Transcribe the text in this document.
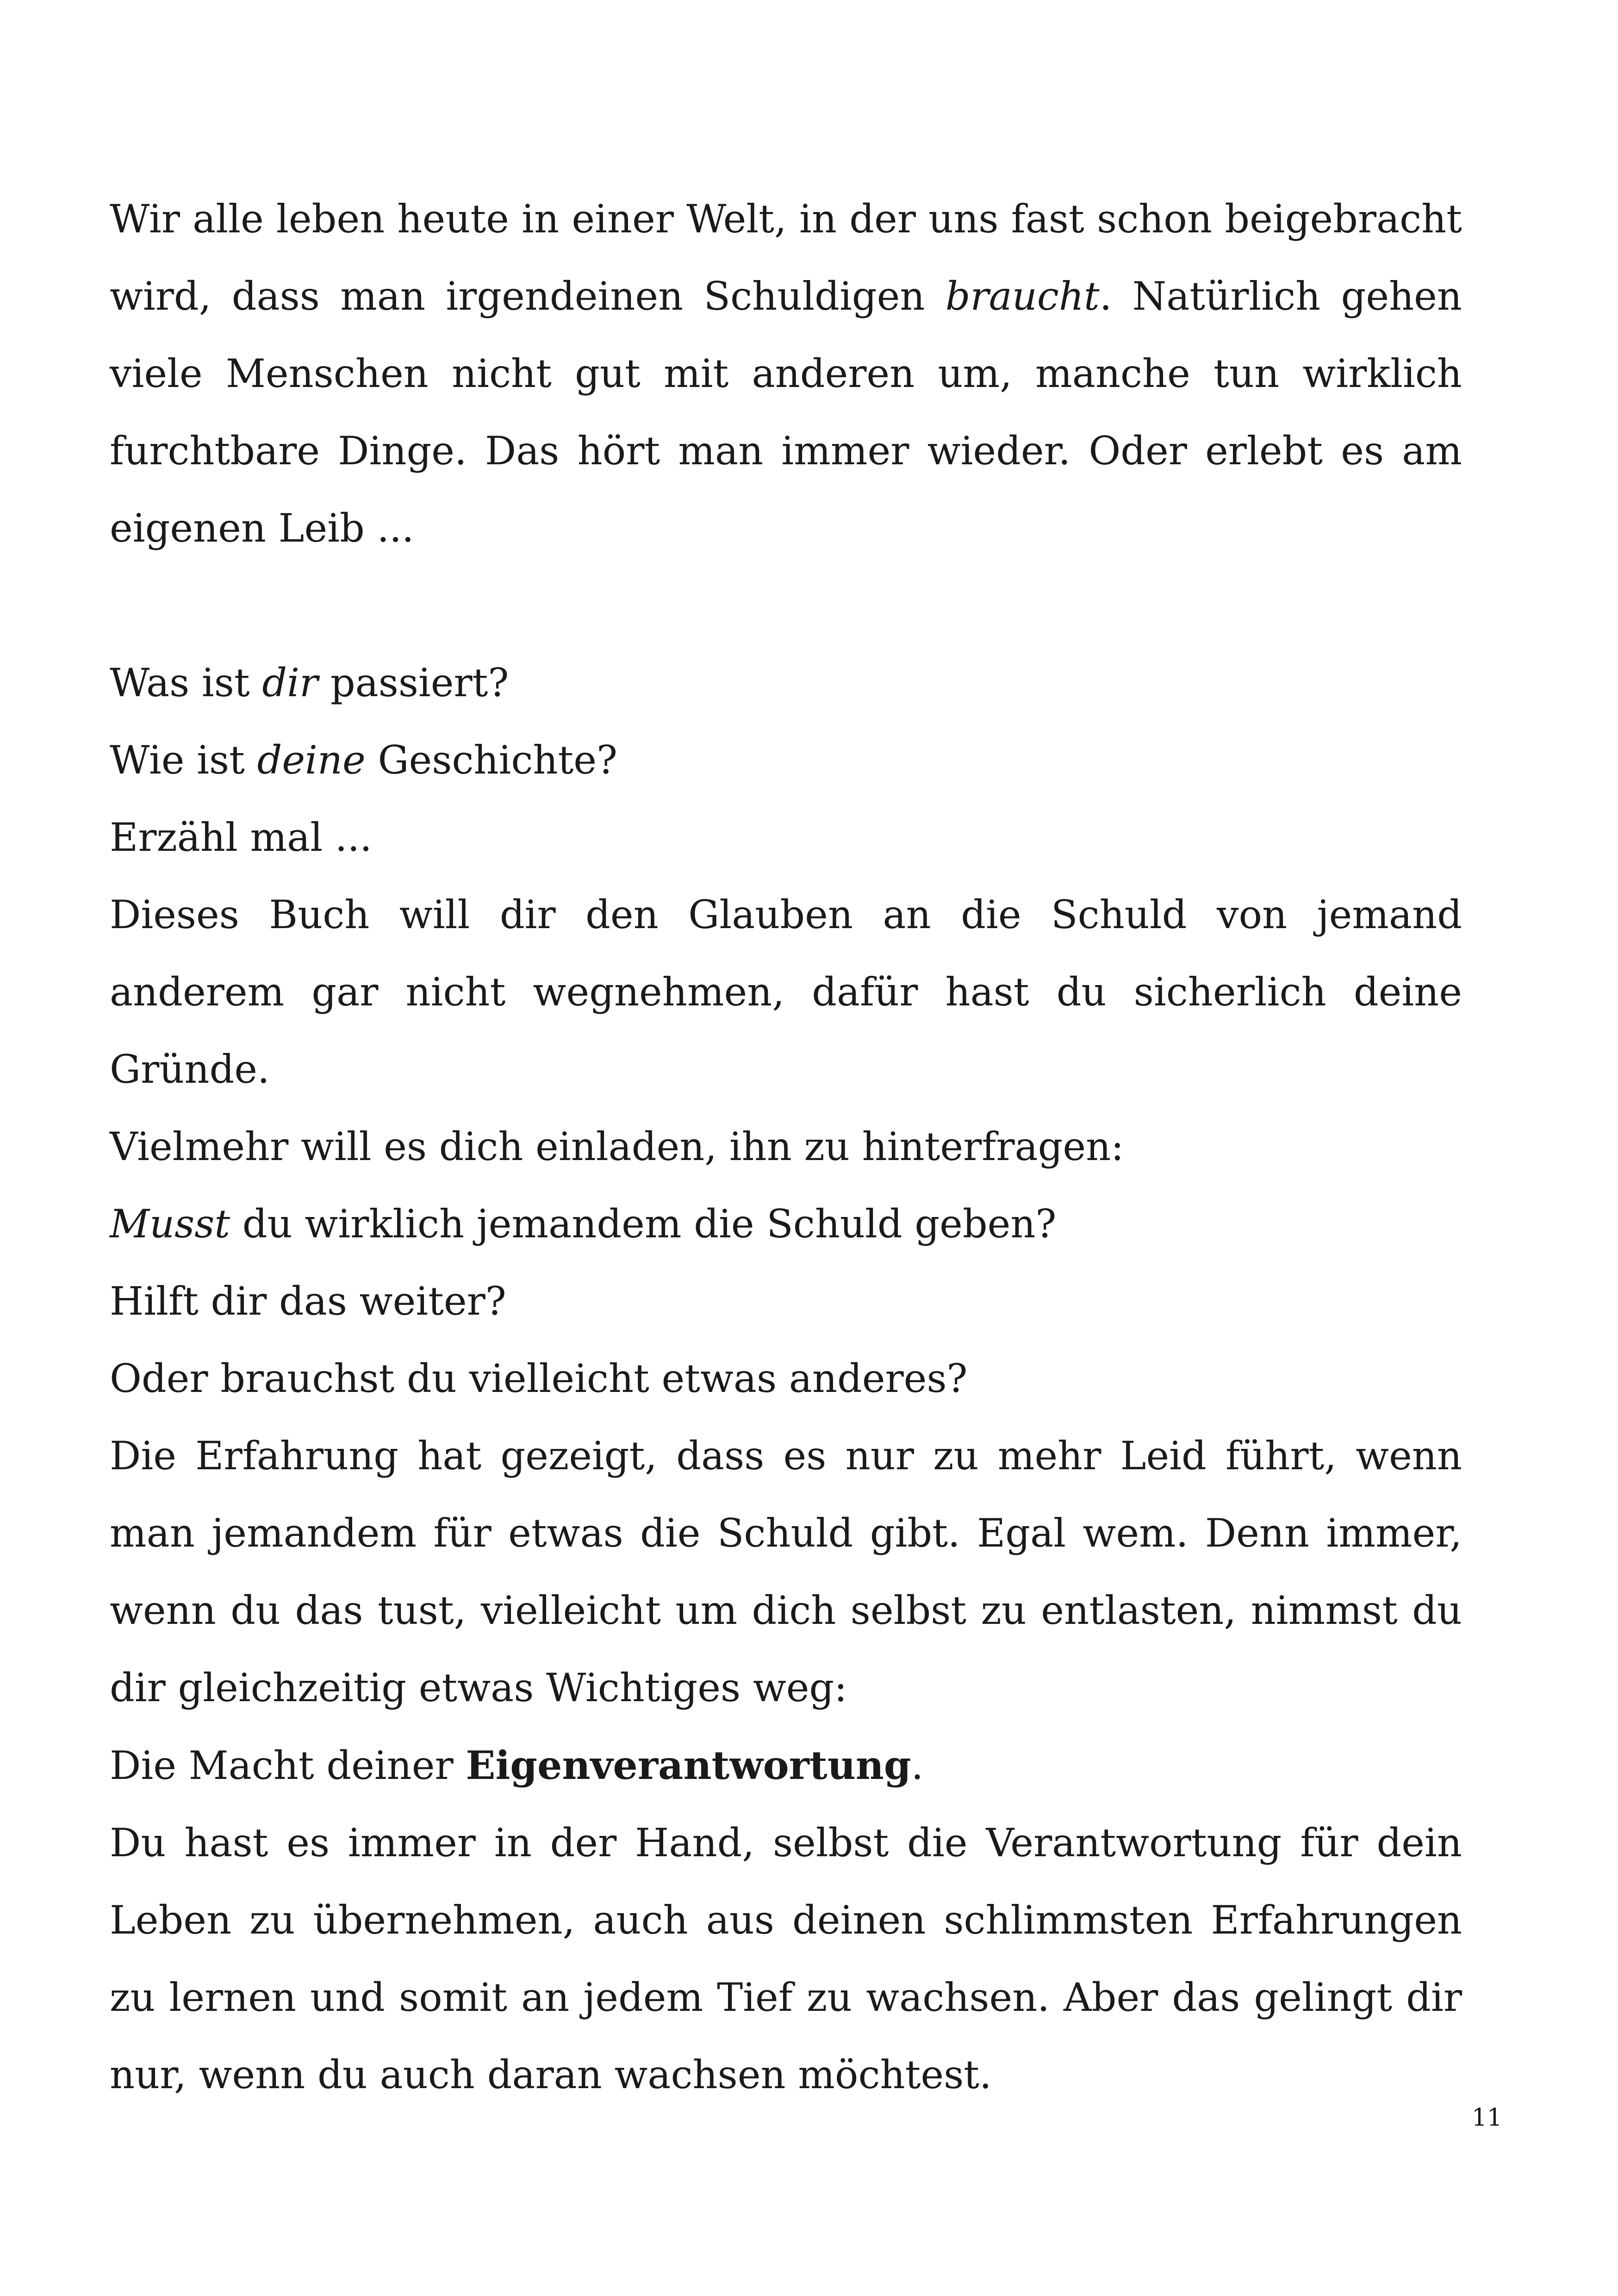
Wir alle leben heute in einer Welt, in der uns fast schon beigebracht wird, dass man irgendeinen Schuldigen braucht. Natürlich gehen viele Menschen nicht gut mit anderen um, manche tun wirklich furchtbare Dinge. Das hört man immer wieder. Oder erlebt es am eigenen Leib ...

Was ist dir passiert?
Wie ist deine Geschichte?
Erzähl mal ...
Dieses Buch will dir den Glauben an die Schuld von jemand anderem gar nicht wegnehmen, dafür hast du sicherlich deine Gründe.
Vielmehr will es dich einladen, ihn zu hinterfragen:
Musst du wirklich jemandem die Schuld geben?
Hilft dir das weiter?
Oder brauchst du vielleicht etwas anderes?
Die Erfahrung hat gezeigt, dass es nur zu mehr Leid führt, wenn man jemandem für etwas die Schuld gibt. Egal wem. Denn immer, wenn du das tust, vielleicht um dich selbst zu entlasten, nimmst du dir gleichzeitig etwas Wichtiges weg:
Die Macht deiner Eigenverantwortung.
Du hast es immer in der Hand, selbst die Verantwortung für dein Leben zu übernehmen, auch aus deinen schlimmsten Erfahrungen zu lernen und somit an jedem Tief zu wachsen. Aber das gelingt dir nur, wenn du auch daran wachsen möchtest.
11
